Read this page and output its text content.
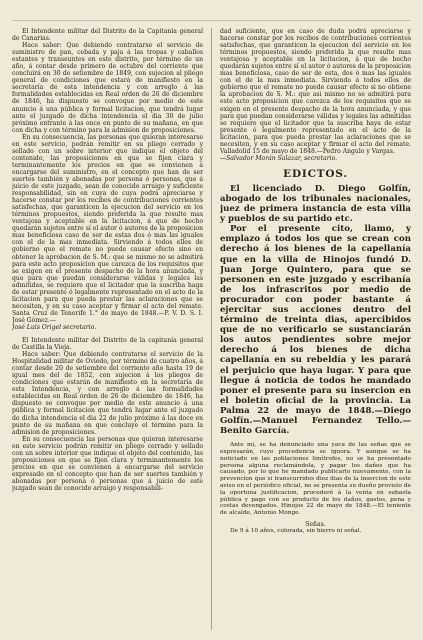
El Intendente militar del Distrito de la Capitanía general de Canarias.

Hace saber: Que debiendo contratarse el servicio de suministro de pan, cebada y paja á las tropas y caballos estantes y transeuntes en este distrito, por término de un año, á contar desde primero de octubre del corriente que concluirá en 30 de setiembre de 1849, con sujecion al pliego general de condiciones que estará de manifiesto en la secretaría de esta intendencia y con arreglo á las formalidades establecidas en Real orden de 26 de diciembre de 1846, ha dispuesto se convoque por medio de este anuncio á una pública y formal licitacion, que tendrá lugar ante el juzgado de dicha intendencia el dia 30 de julio próximo entrante á las once en punto de su mañana, en que con dicha y con término para la admision de proposiciones.

En su consecuencia, las personas que quieran interesarse en este servicio, podrán remitir en su pliego cerrado y sellado con un sobre interior que indique el objeto del contenido, las proposiciones en que se fijen clara y terminantemente los precios en que se convienen á encargarse del suministro, en el concepto que han de ser suertes también y abonadas por persona ó personas, que á juicio de este juzgado, sean de conocido arraigo y suficiente responsabilidad, sin en cuya de cuya podrá apreciarse y hacerse constar por los recibos de contribuciones corrientes satisfechas, que garanticen la ejecucion del servicio en los términos propuestos, siendo preferida la que resulte mas ventajosa y aceptable en la licitacion, á que de hecho quedarán sujetos entre sí el autor ó autores de la proposicion mas beneficiosa caso de ser de estas dos ó mas las iguales con el de la mas inmediata. Sirviendo á todos ellos de gobierno que el remate no puede causar efecto sino en obtener la aprobacion de S. M.: que se mismo no se admitirá para este acto proposicion que carezca de los requisitos que se exigen en el presente despacho de la hora anunciada, y que para que puedan considerarse válidas y legales las admitidas, se requiere que el licitador que la suscriba haga de estar presente ó legalmente representado en el acto de la licitacion para que pueda prestar las aclaraciones que se necesiten, y en su caso aceptar y firmar el acto del remate. Santa Cruz de Tenerife 1.° de mayo de 1848.—P. V. D. S. I. José Gómez.—

José Luis Origel secretario.

El Intendente militar del Distrito de la capitanía general de Castilla la Vieja.

Hace saber: Que debiendo contratarse el servicio de la Hospitalidad militar de Oviedo, por término de cuatro años, á contar desde 20 de setiembre del corriente año hasta 19 de igual mes del de 1852, con sujecion á los pliegos de condiciones que estarán de manifiesto en la secretaría de esta Intendencia, y con arreglo á las formalidades establecidas en Real órden de 26 de diciembre de 1846, ha dispuesto se convoque por medio de este anuncio á una pública y formal licitacion que tendrá lugar ante el juzgado de dicha intendencia el dia 22 de julio próximo á las doce en punto de su mañana en que concluye el término para la admision de proposiciones.

En su consecuencia las personas que quieran interesarse en este servicio podrán remitir en pliego cerrado y sellado con un sobre interior que indique el objeto del contenido, las proposiciones en que se fijen clara y terminantemente los precios en que se convienen á encargarse del servicio expresado en el concepto que han de ser suertes también y abonadas por persona ó personas que á juicio de este juzgado sean de conocido arraigo y responsabili-

dad suficiente, que en caso de duda podrá apreciarse y hacerse constar por los recibos de contribuciones corrientes satisfechas, que garanticen la ejecucion del servicio en los términos propuestos, siendo preferida la que resulte mas ventajosa y aceptable en la licitacion, á que de hecho quedarán sujetos entre sí el autor ó autores de la proposicion mas beneficiosa, caso de ser de esta, dos ó mas las iguales con el de la mas inmediata. Sirviendo á todos ellos de gobierno que el remate no puede causar efecto si no obtiene la aprobacion de S. M.: que asi mismo no se admitirá para este acto proposicion que carezca de los requisitos que se exigen en el presente despacho de la hora anunciada, y que para que puedan considerarse válidas y legales las admitidas se requiere que el licitador que la suscriba haya de estar presente ó legalmente representado en el acto de la licitacion, para que pueda prestar las aclaraciones que se necesiten, y en su caso aceptar y firmar el acto del remate. Valladolid 15 de mayo de 1848.—Pedro Angulo y Vargas.

—Salvador Morán Salazar, secretario.

EDICTOS.

El licenciado D. Diego Golfín, abogado de los tribunales nacionales, juez de primera instancia de esta villa y pueblos de su partido etc.

Por el presente cito, llamo, y emplazo á todos los que se crean con derecho á los bienes de la capellanía que en la villa de Hinojos fundó D. Juan Jorge Quintero, para que se personen en este juzgado y escribanía de los infrascritos por medio de procurador con poder bastante á ejercitar sus acciones dentro del término de treinta dias, apercibidos que de no verificarlo se sustanciarán los autos pendientes sobre mejor derecho á los bienes de dicha capellanía en su rebeldía y les parará el perjuicio que haya lugar. Y para que llegue á noticia de todos he mandado poner el presente para su insercion en el boletín oficial de la provincia. La Palma 22 de mayo de 1848.—Diego Golfín.—Manuel Fernandez Tello.—Benito García.

Ante mi, se ha denunciado una yaca de las señas que se expresarán, cuyo procedencia se ignora. Y aunque se ha noticiado en las poblaciones limítrofes, no se ha presentado persona alguna reclamándola, y pagar los daños que ha causado, por lo que he mandado publicarlo nuevamente, con la prevencion que si transcurridos diez dias de la insercion de este aviso en el periódico oficial, no se presenta su dueño provisto de la oportuna justificacion, procederé á la venta en subasta pública y pago con su producto de los daños, gastos, pena y costas devengados. Hinojos 22 de mayo de 1848.—El teniente de alcalde, Antonio Monge.

Señas.

De 9 á 10 años, colorada, sin hierro ni señal.
